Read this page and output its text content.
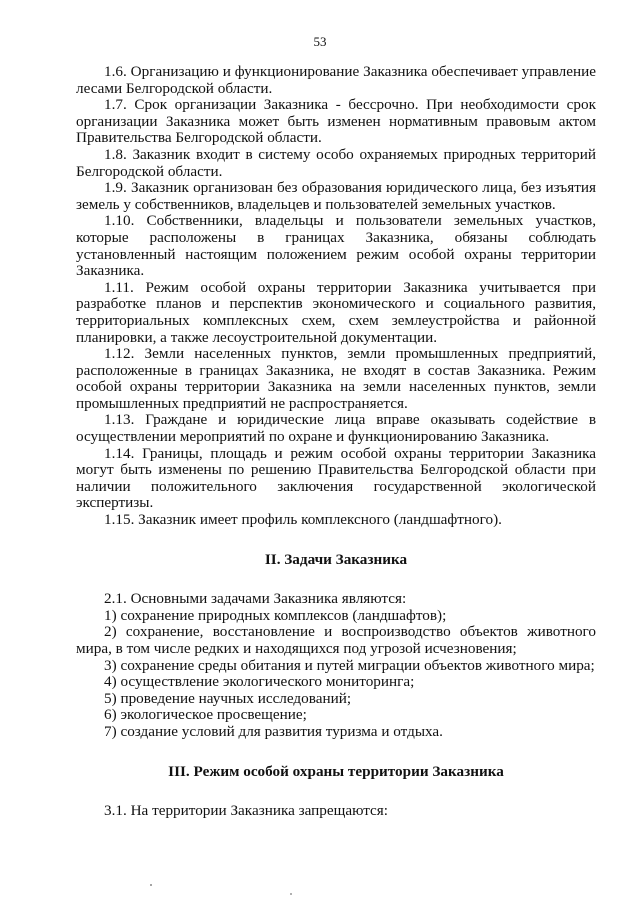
53

1.6. Организацию и функционирование Заказника обеспечивает управление лесами Белгородской области.

1.7. Срок организации Заказника - бессрочно. При необходимости срок организации Заказника может быть изменен нормативным правовым актом Правительства Белгородской области.

1.8. Заказник входит в систему особо охраняемых природных территорий Белгородской области.

1.9. Заказник организован без образования юридического лица, без изъятия земель у собственников, владельцев и пользователей земельных участков.

1.10. Собственники, владельцы и пользователи земельных участков, которые расположены в границах Заказника, обязаны соблюдать установленный настоящим положением режим особой охраны территории Заказника.

1.11. Режим особой охраны территории Заказника учитывается при разработке планов и перспектив экономического и социального развития, территориальных комплексных схем, схем землеустройства и районной планировки, а также лесоустроительной документации.

1.12. Земли населенных пунктов, земли промышленных предприятий, расположенные в границах Заказника, не входят в состав Заказника. Режим особой охраны территории Заказника на земли населенных пунктов, земли промышленных предприятий не распространяется.

1.13. Граждане и юридические лица вправе оказывать содействие в осуществлении мероприятий по охране и функционированию Заказника.

1.14. Границы, площадь и режим особой охраны территории Заказника могут быть изменены по решению Правительства Белгородской области при наличии положительного заключения государственной экологической экспертизы.

1.15. Заказник имеет профиль комплексного (ландшафтного).

II. Задачи Заказника

2.1. Основными задачами Заказника являются:

1) сохранение природных комплексов (ландшафтов);

2) сохранение, восстановление и воспроизводство объектов животного мира, в том числе редких и находящихся под угрозой исчезновения;

3) сохранение среды обитания и путей миграции объектов животного мира;

4) осуществление экологического мониторинга;

5) проведение научных исследований;

6) экологическое просвещение;

7) создание условий для развития туризма и отдыха.

III. Режим особой охраны территории Заказника

3.1. На территории Заказника запрещаются:
